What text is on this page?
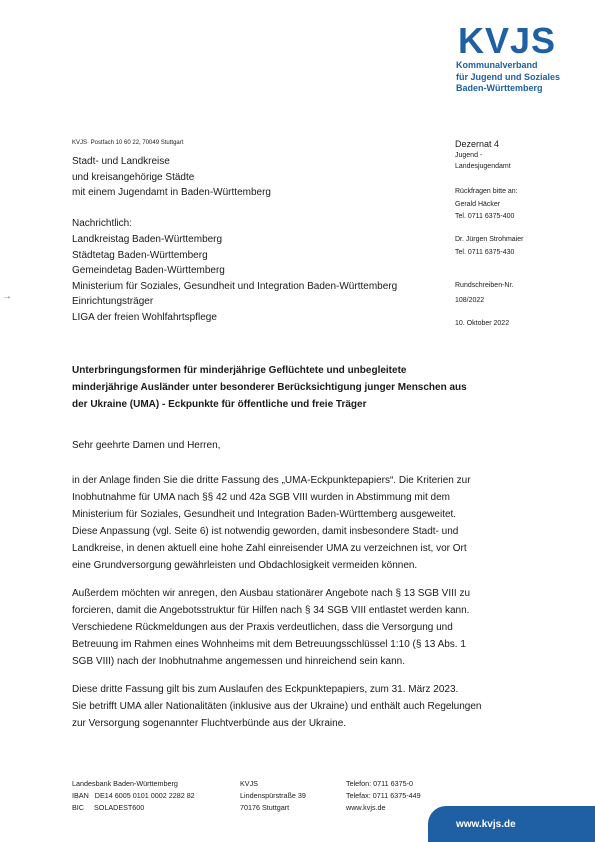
KVJS
Kommunalverband
für Jugend und Soziales
Baden-Württemberg
KVJS· Postfach 10 60 22, 70049 Stuttgart
Stadt- und Landkreise
und kreisangehörige Städte
mit einem Jugendamt in Baden-Württemberg
Nachrichtlich:
Landkreistag Baden-Württemberg
Städtetag Baden-Württemberg
Gemeindetag Baden-Württemberg
Ministerium für Soziales, Gesundheit und Integration Baden-Württemberg
Einrichtungsträger
LIGA der freien Wohlfahrtspflege
→
Dezernat 4
Jugend -
Landesjugendamt
Rückfragen bitte an:
Gerald Häcker
Tel. 0711 6375-400
Dr. Jürgen Strohmaier
Tel. 0711 6375-430
Rundschreiben-Nr.
108/2022
10. Oktober 2022
Unterbringungsformen für minderjährige Geflüchtete und unbegleitete minderjährige Ausländer unter besonderer Berücksichtigung junger Menschen aus der Ukraine (UMA) - Eckpunkte für öffentliche und freie Träger
Sehr geehrte Damen und Herren,
in der Anlage finden Sie die dritte Fassung des „UMA-Eckpunktepapiers“. Die Kriterien zur
Inobhutnahme für UMA nach §§ 42 und 42a SGB VIII wurden in Abstimmung mit dem
Ministerium für Soziales, Gesundheit und Integration Baden-Württemberg ausgeweitet.
Diese Anpassung (vgl. Seite 6) ist notwendig geworden, damit insbesondere Stadt- und
Landkreise, in denen aktuell eine hohe Zahl einreisender UMA zu verzeichnen ist, vor Ort
eine Grundversorgung gewährleisten und Obdachlosigkeit vermeiden können.
Außerdem möchten wir anregen, den Ausbau stationärer Angebote nach § 13 SGB VIII zu
forcieren, damit die Angebotsstruktur für Hilfen nach § 34 SGB VIII entlastet werden kann.
Verschiedene Rückmeldungen aus der Praxis verdeutlichen, dass die Versorgung und
Betreuung im Rahmen eines Wohnheims mit dem Betreuungsschlüssel 1:10 (§ 13 Abs. 1
SGB VIII) nach der Inobhutnahme angemessen und hinreichend sein kann.
Diese dritte Fassung gilt bis zum Auslaufen des Eckpunktepapiers, zum 31. März 2023.
Sie betrifft UMA aller Nationalitäten (inklusive aus der Ukraine) und enthält auch Regelungen
zur Versorgung sogenannter Fluchtverbünde aus der Ukraine.
Landesbank Baden-Württemberg
IBAN   DE14 6005 0101 0002 2282 82
BIC     SOLADEST600
KVJS
Lindenspürstraße 39
70176 Stuttgart
Telefon: 0711 6375-0
Telefax: 0711 6375-449
www.kvjs.de
www.kvjs.de
